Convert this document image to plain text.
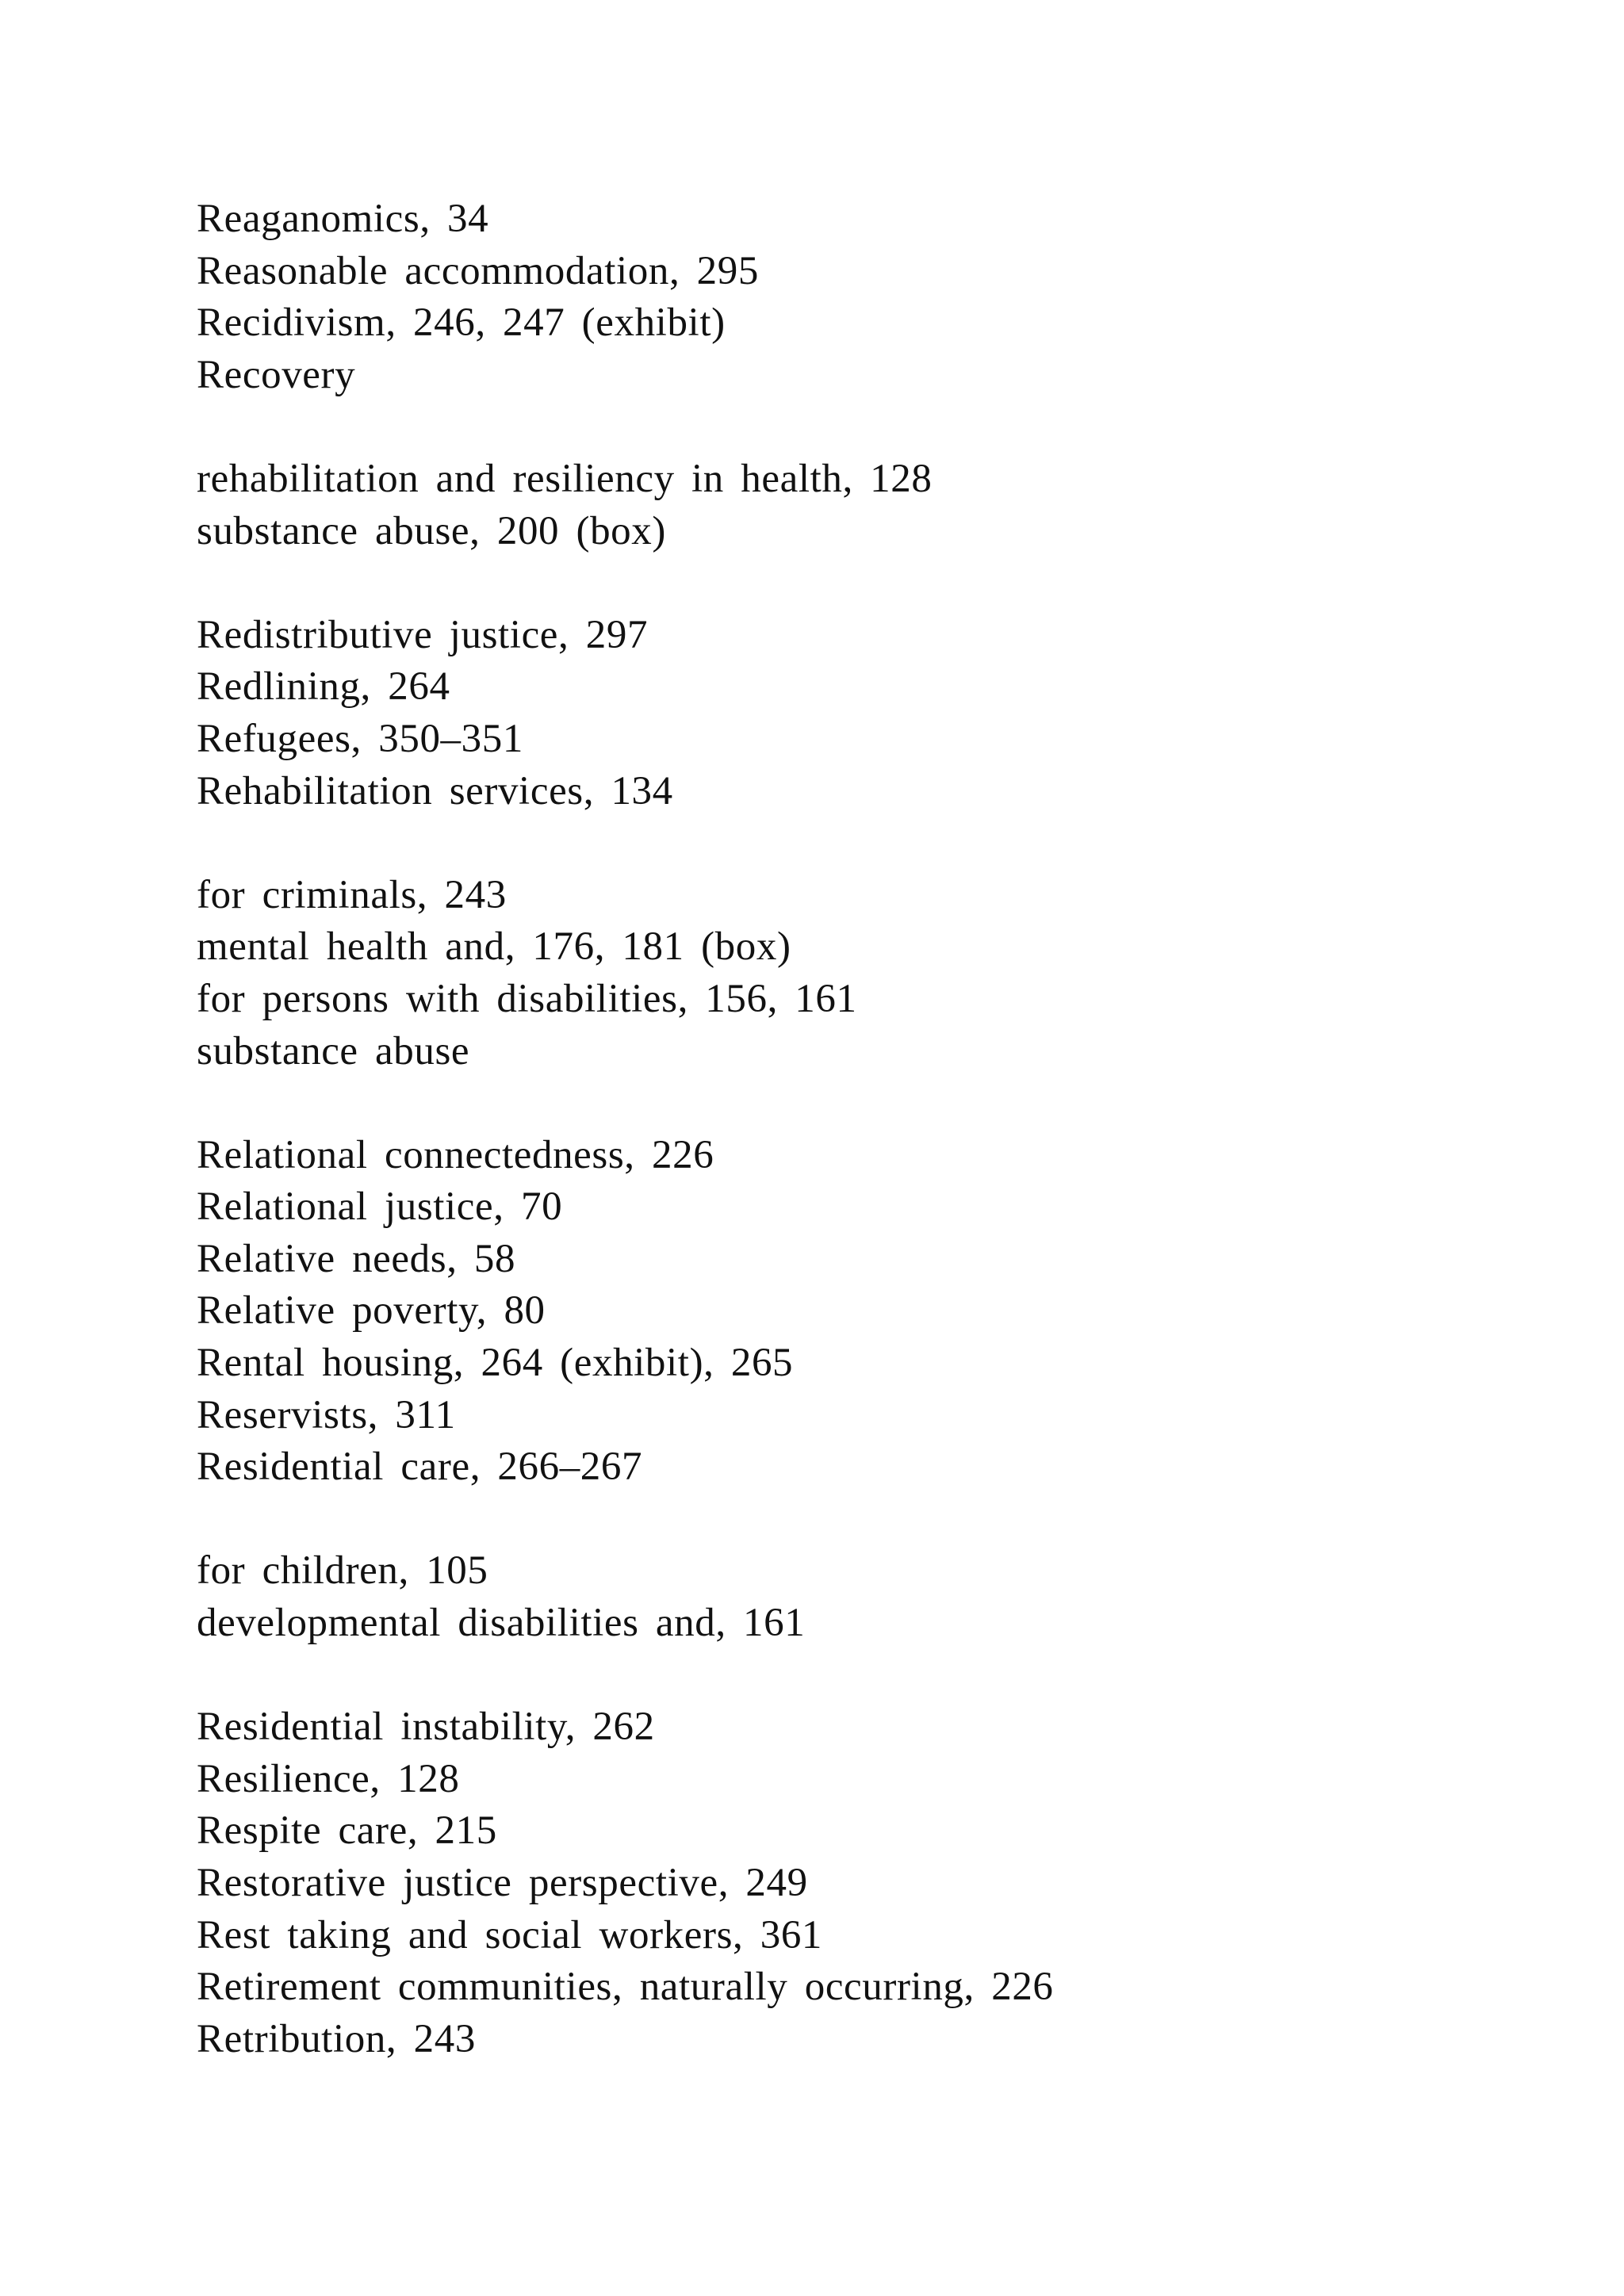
Reaganomics, 34
Reasonable accommodation, 295
Recidivism, 246, 247 (exhibit)
Recovery
rehabilitation and resiliency in health, 128
substance abuse, 200 (box)
Redistributive justice, 297
Redlining, 264
Refugees, 350–351
Rehabilitation services, 134
for criminals, 243
mental health and, 176, 181 (box)
for persons with disabilities, 156, 161
substance abuse
Relational connectedness, 226
Relational justice, 70
Relative needs, 58
Relative poverty, 80
Rental housing, 264 (exhibit), 265
Reservists, 311
Residential care, 266–267
for children, 105
developmental disabilities and, 161
Residential instability, 262
Resilience, 128
Respite care, 215
Restorative justice perspective, 249
Rest taking and social workers, 361
Retirement communities, naturally occurring, 226
Retribution, 243
